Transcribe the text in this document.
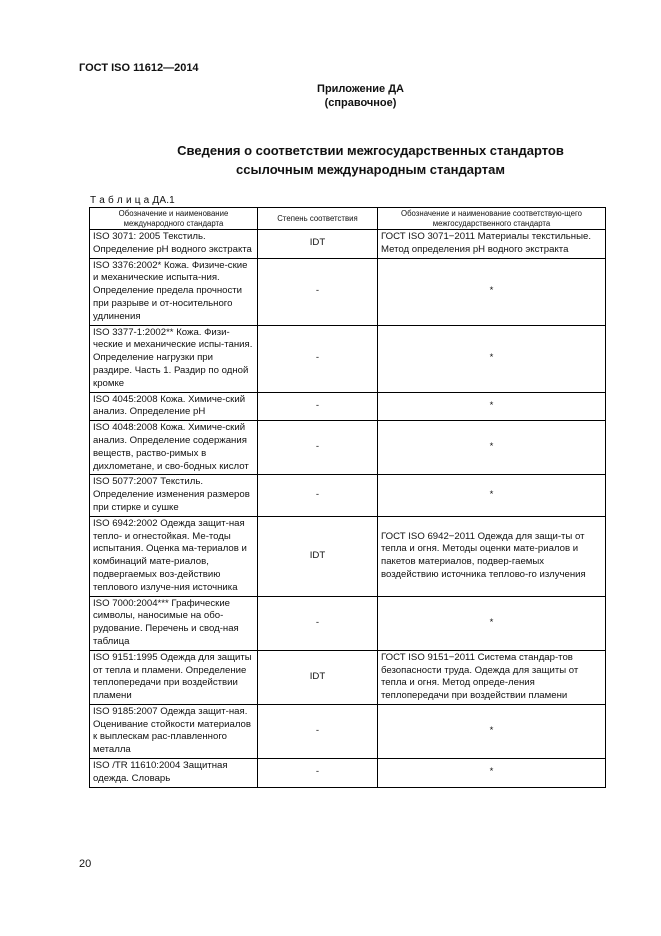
ГОСТ ISO 11612—2014
Приложение ДА
(справочное)
Сведения о соответствии межгосударственных стандартов
ссылочным международным стандартам
Т а б л и ц а ДА.1
Обозначение и наименование международного стандарта	Степень соответствия	Обозначение и наименование соответствую-щего межгосударственного стандарта
ISO 3071: 2005 Текстиль. Определение pH водного экстракта	IDT	ГОСТ ISO 3071−2011 Материалы текстильные. Метод определения pH водного экстракта
ISO 3376:2002* Кожа. Физиче-ские и механические испыта-ния. Определение предела прочности при разрыве и от-носительного удлинения	-	*
ISO 3377-1:2002** Кожа. Физи-ческие и механические испы-тания. Определение нагрузки при раздире. Часть 1. Раздир по одной кромке	-	*
ISO 4045:2008 Кожа. Химиче-ский анализ. Определение pH	-	*
ISO 4048:2008 Кожа. Химиче-ский анализ. Определение содержания веществ, раство-римых в дихлометане, и сво-бодных кислот	-	*
ISO 5077:2007 Текстиль. Определение изменения размеров при стирке и сушке	-	*
ISO 6942:2002 Одежда защит-ная тепло- и огнестойкая. Ме-тоды испытания. Оценка ма-териалов и комбинаций мате-риалов, подвергаемых воз-действию теплового излуче-ния источника	IDT	ГОСТ ISO 6942−2011 Одежда для защи-ты от тепла и огня. Методы оценки мате-риалов и пакетов материалов, подвер-гаемых воздействию источника теплово-го излучения
ISO 7000:2004*** Графические символы, наносимые на обо-рудование. Перечень и свод-ная таблица	-	*
ISO 9151:1995 Одежда для защиты от тепла и пламени. Определение теплопередачи при воздействии пламени	IDT	ГОСТ ISO 9151−2011 Система стандар-тов безопасности труда. Одежда для защиты от тепла и огня. Метод опреде-ления теплопередачи при воздействии пламени
ISO 9185:2007 Одежда защит-ная. Оценивание стойкости материалов к выплескам рас-плавленного металла	-	*
ISO /TR 11610:2004 Защитная одежда. Словарь	-	*
20
